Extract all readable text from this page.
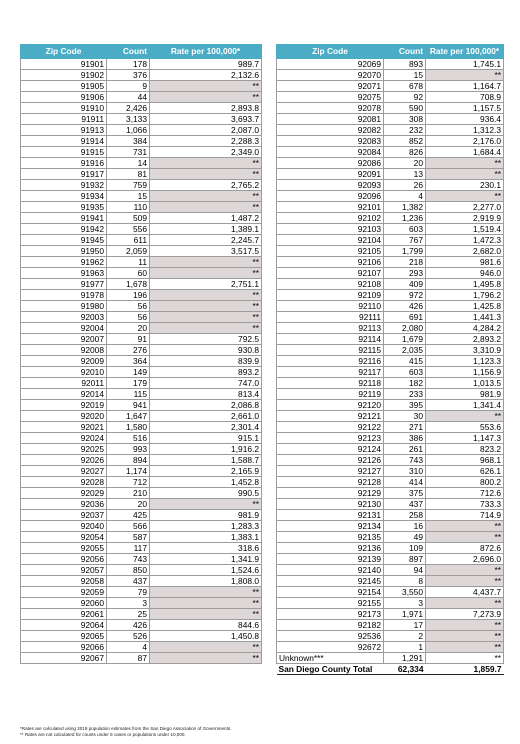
Zip Code	Count	Rate per 100,000*
91901	178	989.7
91902	376	2,132.6
91905	9	**
91906	44	**
91910	2,426	2,893.8
91911	3,133	3,693.7
91913	1,066	2,087.0
91914	384	2,288.3
91915	731	2,349.0
91916	14	**
91917	81	**
91932	759	2,765.2
91934	15	**
91935	110	**
91941	509	1,487.2
91942	556	1,389.1
91945	611	2,245.7
91950	2,059	3,517.5
91962	11	**
91963	60	**
91977	1,678	2,751.1
91978	196	**
91980	56	**
92003	56	**
92004	20	**
92007	91	792.5
92008	276	930.8
92009	364	839.9
92010	149	893.2
92011	179	747.0
92014	115	813.4
92019	941	2,086.8
92020	1,647	2,661.0
92021	1,580	2,301.4
92024	516	915.1
92025	993	1,916.2
92026	894	1,588.7
92027	1,174	2,165.9
92028	712	1,452.8
92029	210	990.5
92036	20	**
92037	425	981.9
92040	566	1,283.3
92054	587	1,383.1
92055	117	318.6
92056	743	1,341.9
92057	850	1,524.6
92058	437	1,808.0
92059	79	**
92060	3	**
92061	25	**
92064	426	844.6
92065	526	1,450.8
92066	4	**
92067	87	**
Zip Code	Count	Rate per 100,000*
92069	893	1,745.1
92070	15	**
92071	678	1,164.7
92075	92	708.9
92078	590	1,157.5
92081	308	936.4
92082	232	1,312.3
92083	852	2,176.0
92084	826	1,684.4
92086	20	**
92091	13	**
92093	26	230.1
92096	4	**
92101	1,382	2,277.0
92102	1,236	2,919.9
92103	603	1,519.4
92104	767	1,472.3
92105	1,799	2,682.0
92106	218	981.6
92107	293	946.0
92108	409	1,495.8
92109	972	1,796.2
92110	426	1,425.8
92111	691	1,441.3
92113	2,080	4,284.2
92114	1,679	2,893.2
92115	2,035	3,310.9
92116	415	1,123.3
92117	603	1,156.9
92118	182	1,013.5
92119	233	981.9
92120	395	1,341.4
92121	30	**
92122	271	553.6
92123	386	1,147.3
92124	261	823.2
92126	743	968.1
92127	310	626.1
92128	414	800.2
92129	375	712.6
92130	437	733.3
92131	258	714.9
92134	16	**
92135	49	**
92136	109	872.6
92139	897	2,696.0
92140	94	**
92145	8	**
92154	3,550	4,437.7
92155	3	**
92173	1,971	7,273.9
92182	17	**
92536	2	**
92672	1	**
Unknown***	1,291	**
San Diego County Total	62,334	1,859.7
*Rates are calculated using 2019 population estimates from the San Diego Association of Governments.
** Rates are not calculated for counts under 5 cases or populations under 10,000.
